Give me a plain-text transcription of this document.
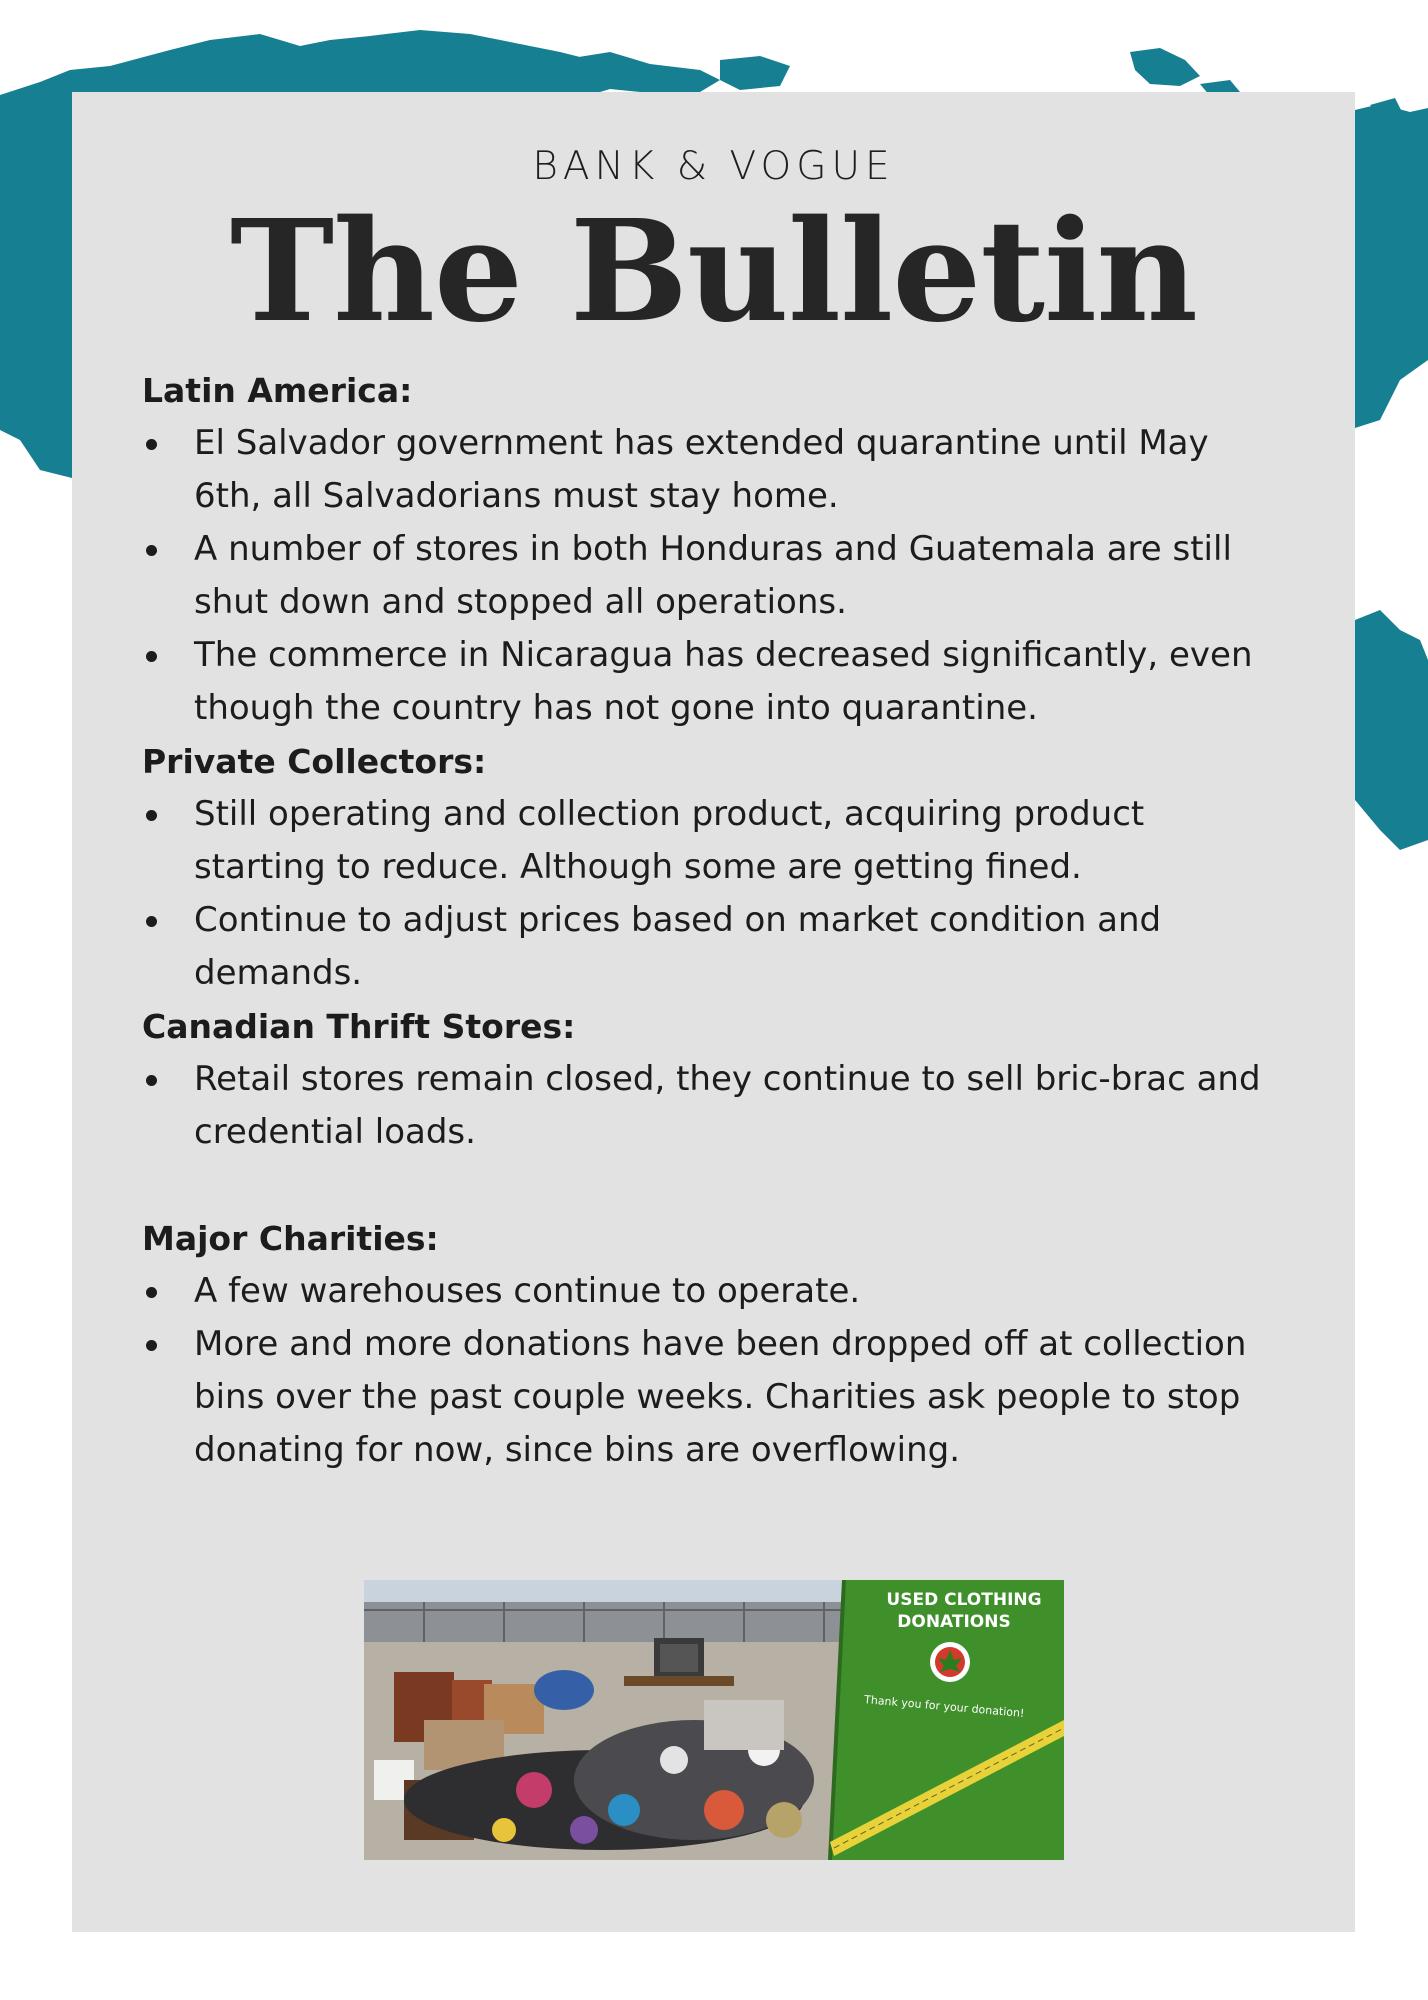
BANK & VOGUE
The Bulletin
Latin America:
El Salvador government has extended quarantine until May 6th, all Salvadorians must stay home.
A number of stores in both Honduras and Guatemala are still shut down and stopped all operations.
The commerce in Nicaragua has decreased significantly, even though the country has not gone into quarantine.
Private Collectors:
Still operating and collection product, acquiring product starting to reduce. Although some are getting fined.
Continue to adjust prices based on market condition and demands.
Canadian Thrift Stores:
Retail stores remain closed, they continue to sell bric-brac and credential loads.
Major Charities:
A few warehouses continue to operate.
More and more donations have been dropped off at collection bins over the past couple weeks. Charities ask people to stop donating for now, since bins are overflowing.
USED CLOTHING
DONATIONS
Thank you for your donation!
